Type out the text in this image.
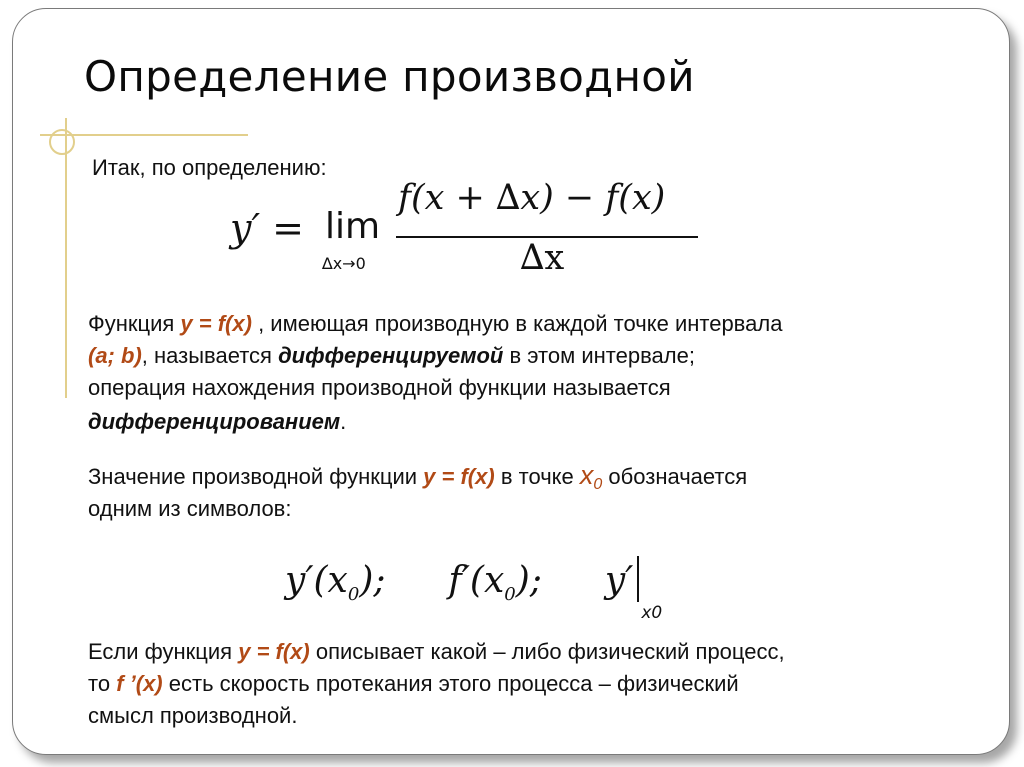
Определение производной
Итак, по определению:
y′ = lim
∆x→0
f(x + ∆x) − f(x)
∆x
Функция y = f(x) , имеющая производную в каждой точке интервала
(a; b), называется дифференцируемой в этом интервале;
операция нахождения производной функции называется
дифференцированием.
Значение производной функции y = f(x) в точке $x_0$ обозначается
одним из символов:
$y'(x_0)$; $f'(x_0)$; $y'_{x0}$
Если функция y = f(x) описывает какой – либо физический процесс,
то f ’(x) есть скорость протекания этого процесса – физический
смысл производной.
